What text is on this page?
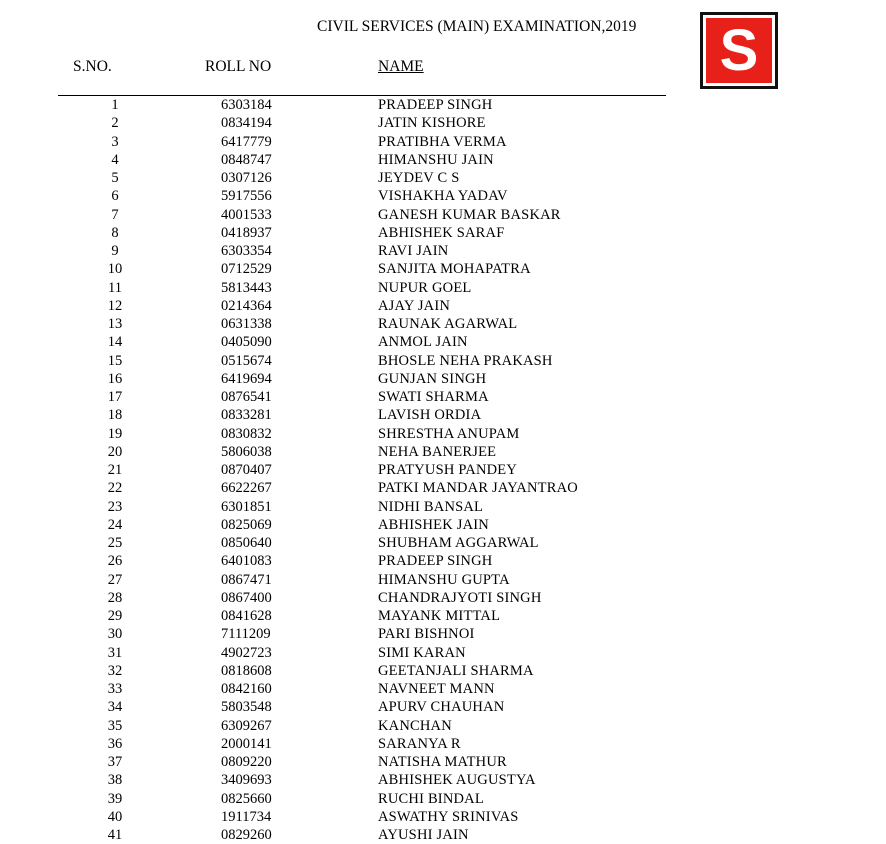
CIVIL SERVICES (MAIN) EXAMINATION,2019 S
S.NO.	ROLL NO	NAME
1	6303184	PRADEEP SINGH
2	0834194	JATIN KISHORE
3	6417779	PRATIBHA VERMA
4	0848747	HIMANSHU JAIN
5	0307126	JEYDEV C S
6	5917556	VISHAKHA YADAV
7	4001533	GANESH KUMAR BASKAR
8	0418937	ABHISHEK SARAF
9	6303354	RAVI JAIN
10	0712529	SANJITA MOHAPATRA
11	5813443	NUPUR GOEL
12	0214364	AJAY JAIN
13	0631338	RAUNAK AGARWAL
14	0405090	ANMOL JAIN
15	0515674	BHOSLE NEHA PRAKASH
16	6419694	GUNJAN SINGH
17	0876541	SWATI SHARMA
18	0833281	LAVISH ORDIA
19	0830832	SHRESTHA ANUPAM
20	5806038	NEHA BANERJEE
21	0870407	PRATYUSH PANDEY
22	6622267	PATKI MANDAR JAYANTRAO
23	6301851	NIDHI BANSAL
24	0825069	ABHISHEK JAIN
25	0850640	SHUBHAM AGGARWAL
26	6401083	PRADEEP SINGH
27	0867471	HIMANSHU GUPTA
28	0867400	CHANDRAJYOTI SINGH
29	0841628	MAYANK MITTAL
30	7111209	PARI BISHNOI
31	4902723	SIMI KARAN
32	0818608	GEETANJALI SHARMA
33	0842160	NAVNEET MANN
34	5803548	APURV CHAUHAN
35	6309267	KANCHAN
36	2000141	SARANYA R
37	0809220	NATISHA MATHUR
38	3409693	ABHISHEK AUGUSTYA
39	0825660	RUCHI BINDAL
40	1911734	ASWATHY SRINIVAS
41	0829260	AYUSHI JAIN
